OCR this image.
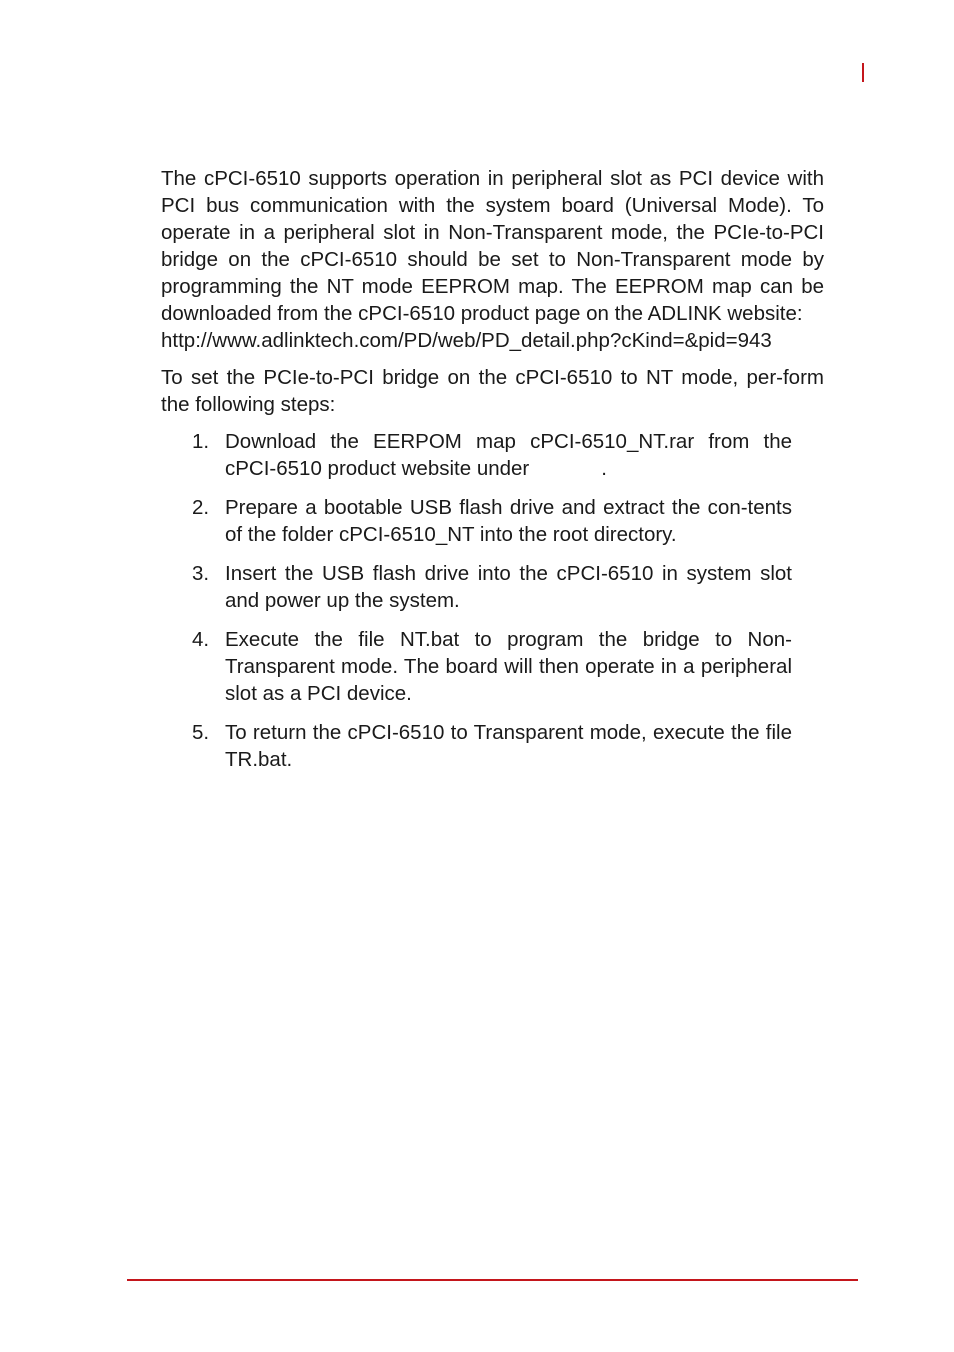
The cPCI-6510 supports operation in peripheral slot as PCI device with PCI bus communication with the system board (Universal Mode). To operate in a peripheral slot in Non-Transparent mode, the PCIe-to-PCI bridge on the cPCI-6510 should be set to Non-Transparent mode by programming the NT mode EEPROM map. The EEPROM map can be downloaded from the cPCI-6510 product page on the ADLINK website:

http://www.adlinktech.com/PD/web/PD_detail.php?cKind=&pid=943

To set the PCIe-to-PCI bridge on the cPCI-6510 to NT mode, per-form the following steps:

1. Download the EERPOM map cPCI-6510_NT.rar from the cPCI-6510 product website under	.
2. Prepare a bootable USB flash drive and extract the con-tents of the folder cPCI-6510_NT into the root directory.
3. Insert the USB flash drive into the cPCI-6510 in system slot and power up the system.
4. Execute the file NT.bat to program the bridge to Non-Transparent mode. The board will then operate in a peripheral slot as a PCI device.
5. To return the cPCI-6510 to Transparent mode, execute the file TR.bat.
